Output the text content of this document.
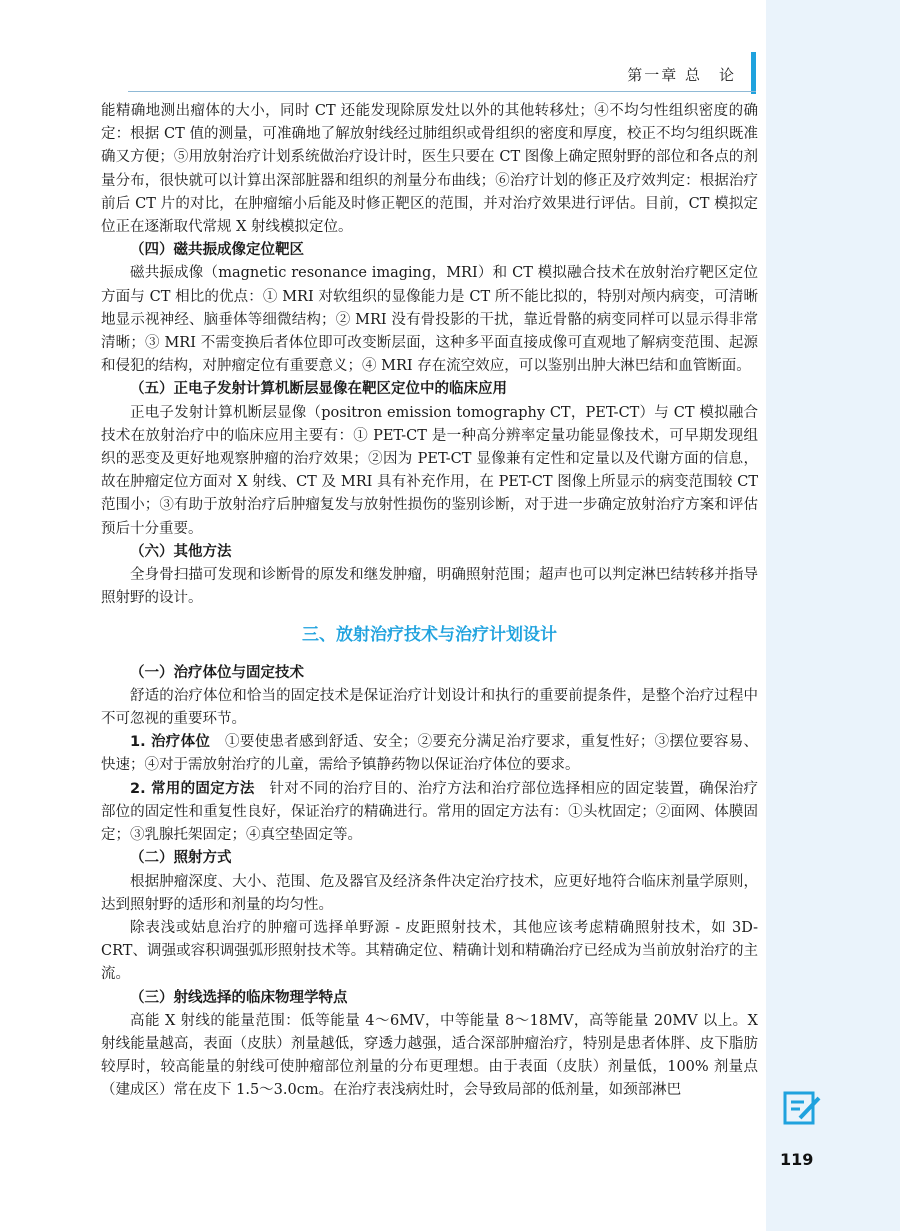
第一章 总　论

能精确地测出瘤体的大小，同时 CT 还能发现除原发灶以外的其他转移灶；④不均匀性组织密度的确定：根据 CT 值的测量，可准确地了解放射线经过肺组织或骨组织的密度和厚度，校正不均匀组织既准确又方便；⑤用放射治疗计划系统做治疗设计时，医生只要在 CT 图像上确定照射野的部位和各点的剂量分布，很快就可以计算出深部脏器和组织的剂量分布曲线；⑥治疗计划的修正及疗效判定：根据治疗前后 CT 片的对比，在肿瘤缩小后能及时修正靶区的范围，并对治疗效果进行评估。目前，CT 模拟定位正在逐渐取代常规 X 射线模拟定位。

（四）磁共振成像定位靶区

磁共振成像（magnetic resonance imaging，MRI）和 CT 模拟融合技术在放射治疗靶区定位方面与 CT 相比的优点：① MRI 对软组织的显像能力是 CT 所不能比拟的，特别对颅内病变，可清晰地显示视神经、脑垂体等细微结构；② MRI 没有骨投影的干扰，靠近骨骼的病变同样可以显示得非常清晰；③ MRI 不需变换后者体位即可改变断层面，这种多平面直接成像可直观地了解病变范围、起源和侵犯的结构，对肿瘤定位有重要意义；④ MRI 存在流空效应，可以鉴别出肿大淋巴结和血管断面。

（五）正电子发射计算机断层显像在靶区定位中的临床应用

正电子发射计算机断层显像（positron emission tomography CT，PET-CT）与 CT 模拟融合技术在放射治疗中的临床应用主要有：① PET-CT 是一种高分辨率定量功能显像技术，可早期发现组织的恶变及更好地观察肿瘤的治疗效果；②因为 PET-CT 显像兼有定性和定量以及代谢方面的信息，故在肿瘤定位方面对 X 射线、CT 及 MRI 具有补充作用，在 PET-CT 图像上所显示的病变范围较 CT 范围小；③有助于放射治疗后肿瘤复发与放射性损伤的鉴别诊断，对于进一步确定放射治疗方案和评估预后十分重要。

（六）其他方法

全身骨扫描可发现和诊断骨的原发和继发肿瘤，明确照射范围；超声也可以判定淋巴结转移并指导照射野的设计。

三、放射治疗技术与治疗计划设计

（一）治疗体位与固定技术

舒适的治疗体位和恰当的固定技术是保证治疗计划设计和执行的重要前提条件，是整个治疗过程中不可忽视的重要环节。

1. 治疗体位　 ①要使患者感到舒适、安全；②要充分满足治疗要求，重复性好；③摆位要容易、快速；④对于需放射治疗的儿童，需给予镇静药物以保证治疗体位的要求。

2. 常用的固定方法　 针对不同的治疗目的、治疗方法和治疗部位选择相应的固定装置，确保治疗部位的固定性和重复性良好，保证治疗的精确进行。常用的固定方法有：①头枕固定；②面网、体膜固定；③乳腺托架固定；④真空垫固定等。

（二）照射方式

根据肿瘤深度、大小、范围、危及器官及经济条件决定治疗技术，应更好地符合临床剂量学原则，达到照射野的适形和剂量的均匀性。

除表浅或姑息治疗的肿瘤可选择单野源 - 皮距照射技术，其他应该考虑精确照射技术，如 3D-CRT、调强或容积调强弧形照射技术等。其精确定位、精确计划和精确治疗已经成为当前放射治疗的主流。

（三）射线选择的临床物理学特点

高能 X 射线的能量范围：低等能量 4～6MV，中等能量 8～18MV，高等能量 20MV 以上。X 射线能量越高，表面（皮肤）剂量越低，穿透力越强，适合深部肿瘤治疗，特别是患者体胖、皮下脂肪较厚时，较高能量的射线可使肿瘤部位剂量的分布更理想。由于表面（皮肤）剂量低，100% 剂量点（建成区）常在皮下 1.5～3.0cm。在治疗表浅病灶时，会导致局部的低剂量，如颈部淋巴

119
